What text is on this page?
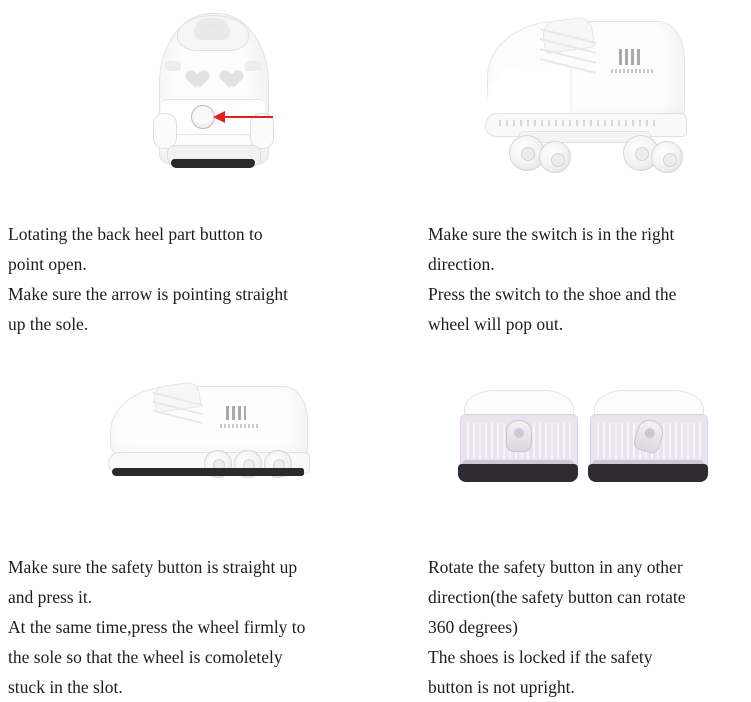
Lotating the back heel part button to

point open.

Make sure the arrow is pointing straight

up the sole.

Make sure the switch is in the right

direction.

Press the switch to the shoe and the

wheel will pop out.

Make sure the safety button is straight up

and press it.

At the same time,press the wheel firmly to

the sole so that the wheel is comoletely

stuck in the slot.

Rotate the safety button in any other

direction(the safety button can rotate

360 degrees)

The shoes is locked if the safety

button is not upright.
